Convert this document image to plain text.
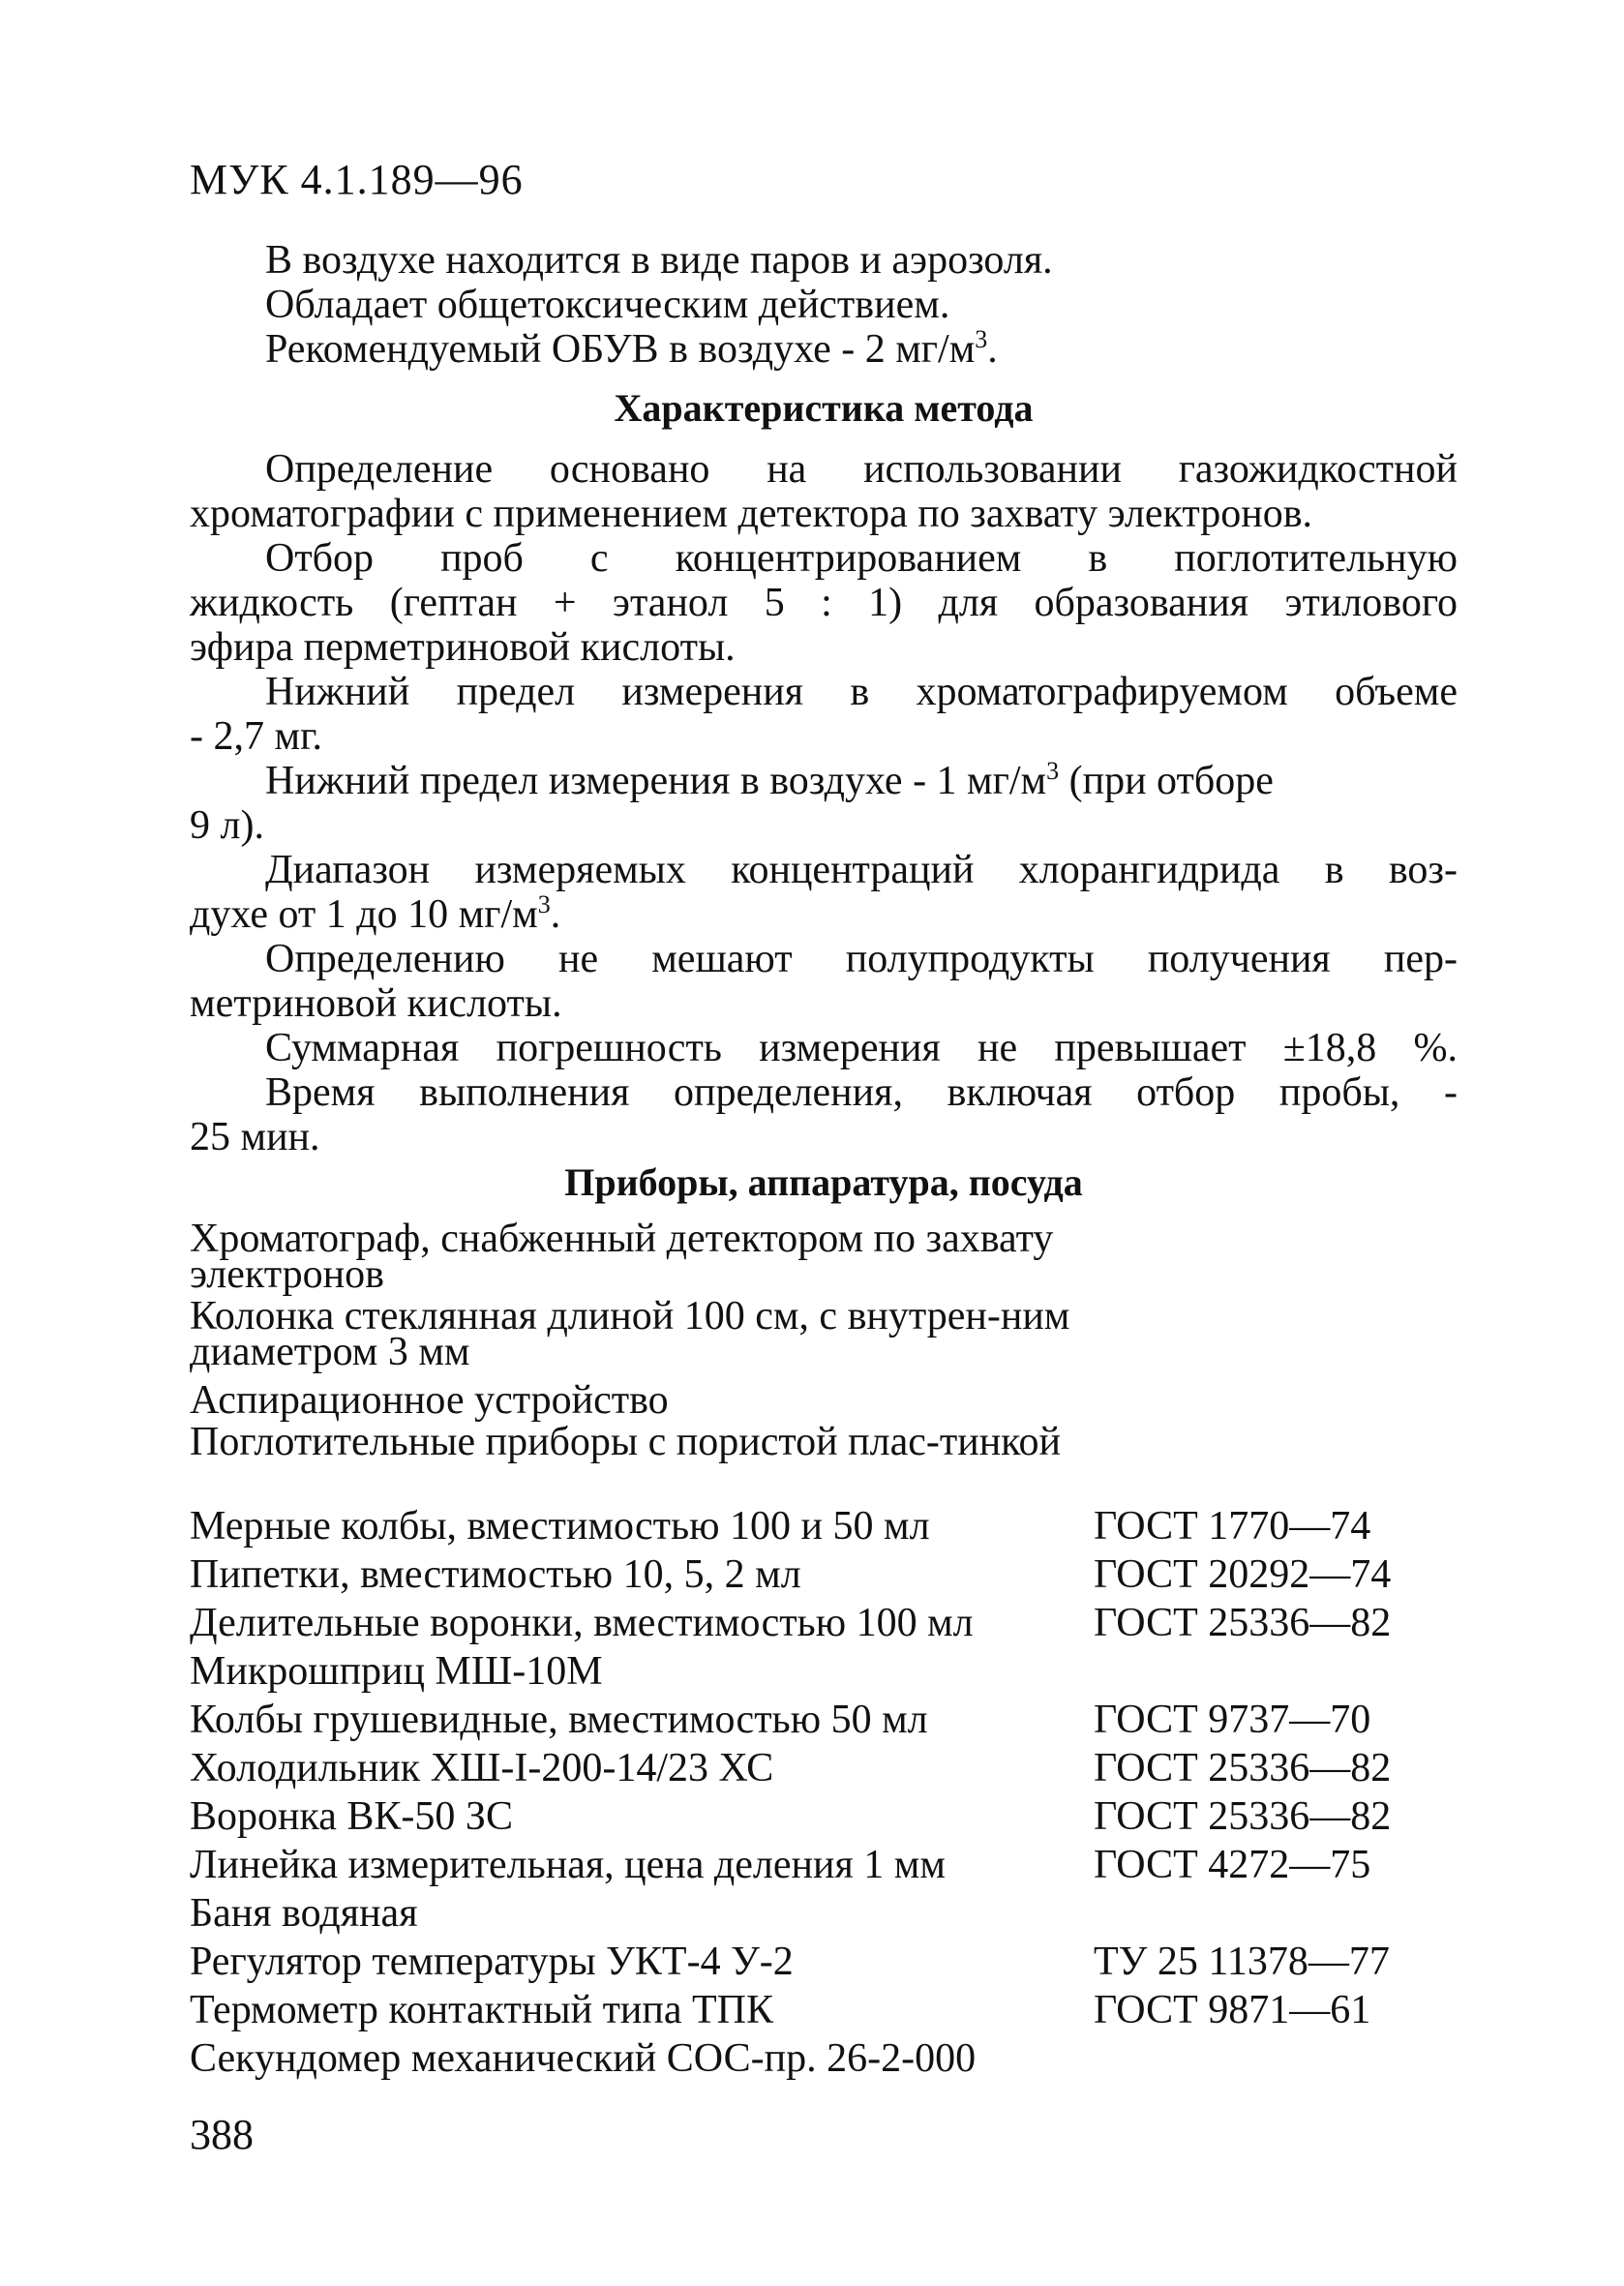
МУК 4.1.189—96
В воздухе находится в виде паров и аэрозоля.
Обладает общетоксическим действием.
Рекомендуемый ОБУВ в воздухе - 2 $мг/м^3$.
Характеристика метода
Определение основано на использовании газожидкостной
хроматографии с применением детектора по захвату электронов.
Отбор проб с концентрированием в поглотительную
жидкость (гептан + этанол 5 : 1) для образования этилового
эфира перметриновой кислоты.
Нижний предел измерения в хроматографируемом объеме
- 2,7 мг.
Нижний предел измерения в воздухе - 1 $мг/м^3$ (при отборе
9 л).
Диапазон измеряемых концентраций хлорангидрида в воз-
духе от 1 до 10 $мг/м^3$.
Определению не мешают полупродукты получения пер-
метриновой кислоты.
Суммарная погрешность измерения не превышает ±18,8 %.
Время выполнения определения, включая отбор пробы, -
25 мин.
Приборы, аппаратура, посуда
Хроматограф, снабженный детектором по захвату электронов
Колонка стеклянная длиной 100 см, с внутрен-ним диаметром 3 мм
Аспирационное устройство
Поглотительные приборы с пористой плас-тинкой
Мерные колбы, вместимостью 100 и 50 мл	ГОСТ 1770—74
Пипетки, вместимостью 10, 5, 2 мл	ГОСТ 20292—74
Делительные воронки, вместимостью 100 мл	ГОСТ 25336—82
Микрошприц МШ-10М
Колбы грушевидные, вместимостью 50 мл	ГОСТ 9737—70
Холодильник ХШ-I-200-14/23 ХС	ГОСТ 25336—82
Воронка ВК-50 ЗС	ГОСТ 25336—82
Линейка измерительная, цена деления 1 мм	ГОСТ 4272—75
Баня водяная
Регулятор температуры УКТ-4 У-2	ТУ 25 11378—77
Термометр контактный типа ТПК	ГОСТ 9871—61
Секундомер механический СОС-пр. 26-2-000
388
